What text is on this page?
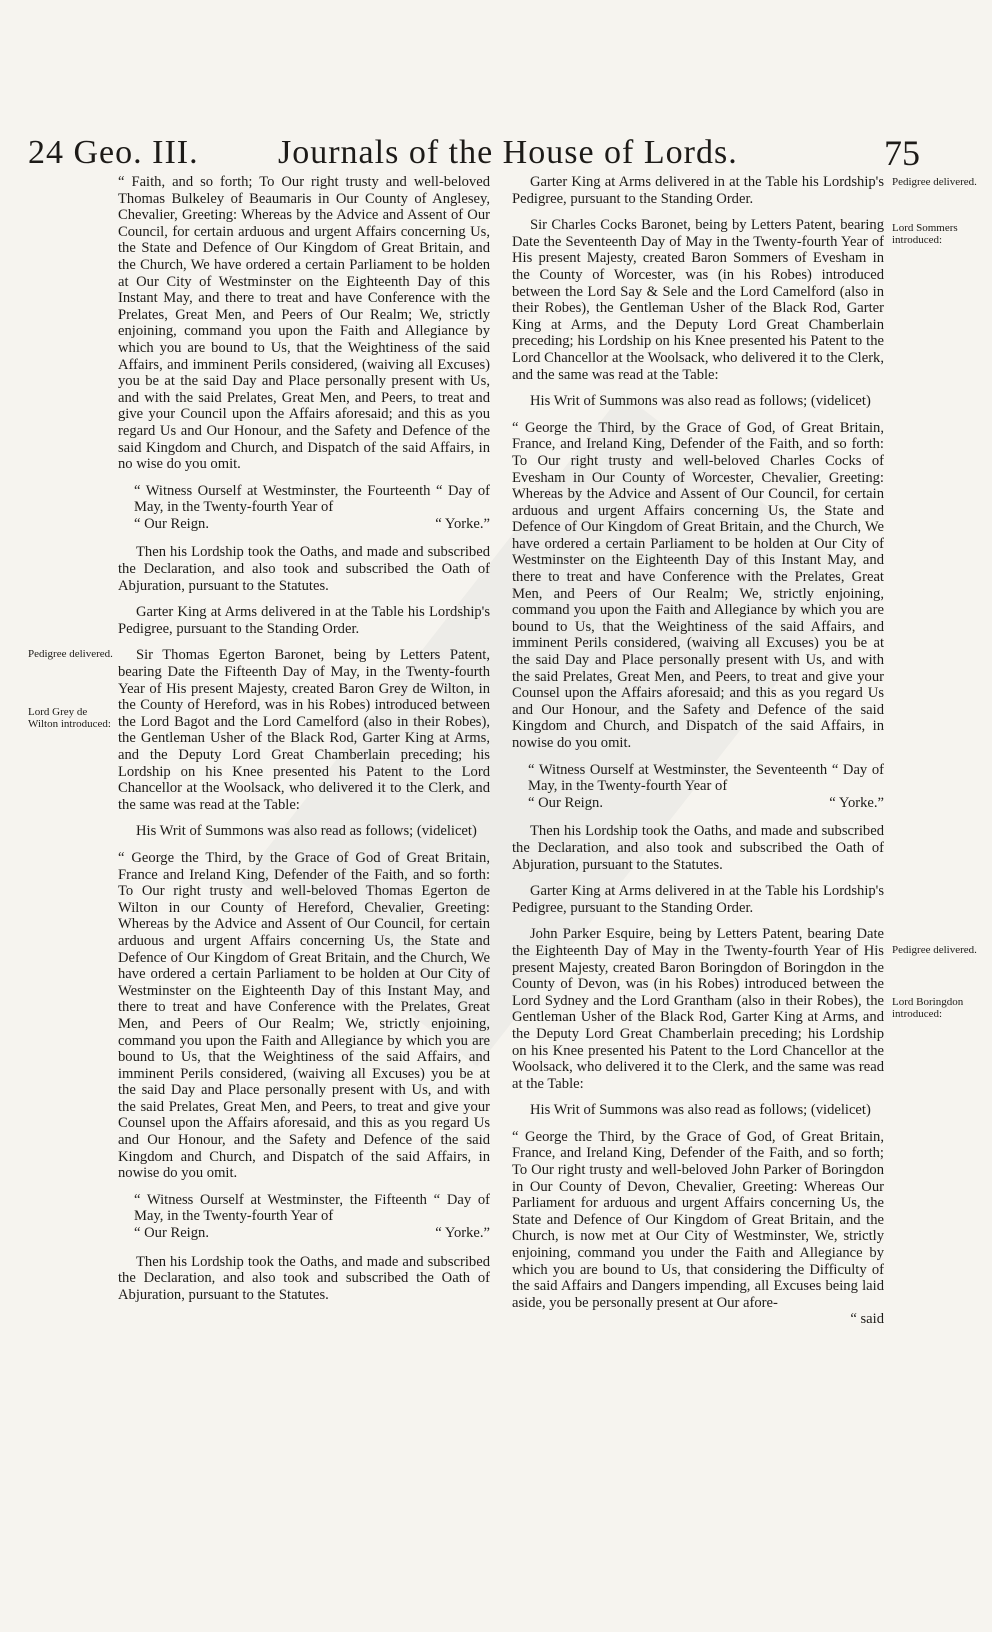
24 Geo. III. Journals of the House of Lords.	75

“ Faith, and so forth; To Our right trusty and well-beloved Thomas Bulkeley of Beaumaris in Our County of Anglesey, Chevalier, Greeting: Whereas by the Advice and Assent of Our Council, for certain arduous and urgent Affairs concerning Us, the State and Defence of Our Kingdom of Great Britain, and the Church, We have ordered a certain Parliament to be holden at Our City of Westminster on the Eighteenth Day of this Instant May, and there to treat and have Conference with the Prelates, Great Men, and Peers of Our Realm; We, strictly enjoining, command you upon the Faith and Allegiance by which you are bound to Us, that the Weightiness of the said Affairs, and imminent Perils considered, (waiving all Excuses) you be at the said Day and Place personally present with Us, and with the said Prelates, Great Men, and Peers, to treat and give your Council upon the Affairs aforesaid; and this as you regard Us and Our Honour, and the Safety and Defence of the said Kingdom and Church, and Dispatch of the said Affairs, in no wise do you omit.

“ Witness Ourself at Westminster, the Fourteenth “ Day of May, in the Twenty-fourth Year of
“ Our Reign.	“ Yorke.”

Then his Lordship took the Oaths, and made and subscribed the Declaration, and also took and subscribed the Oath of Abjuration, pursuant to the Statutes.

Garter King at Arms delivered in at the Table his Lordship's Pedigree, pursuant to the Standing Order.

Sir Thomas Egerton Baronet, being by Letters Patent, bearing Date the Fifteenth Day of May, in the Twenty-fourth Year of His present Majesty, created Baron Grey de Wilton, in the County of Hereford, was in his Robes) introduced between the Lord Bagot and the Lord Camelford (also in their Robes), the Gentleman Usher of the Black Rod, Garter King at Arms, and the Deputy Lord Great Chamberlain preceding; his Lordship on his Knee presented his Patent to the Lord Chancellor at the Woolsack, who delivered it to the Clerk, and the same was read at the Table:

His Writ of Summons was also read as follows; (videlicet)

“ George the Third, by the Grace of God of Great Britain, France and Ireland King, Defender of the Faith, and so forth: To Our right trusty and well-beloved Thomas Egerton de Wilton in our County of Hereford, Chevalier, Greeting: Whereas by the Advice and Assent of Our Council, for certain arduous and urgent Affairs concerning Us, the State and Defence of Our Kingdom of Great Britain, and the Church, We have ordered a certain Parliament to be holden at Our City of Westminster on the Eighteenth Day of this Instant May, and there to treat and have Conference with the Prelates, Great Men, and Peers of Our Realm; We, strictly enjoining, command you upon the Faith and Allegiance by which you are bound to Us, that the Weightiness of the said Affairs, and imminent Perils considered, (waiving all Excuses) you be at the said Day and Place personally present with Us, and with the said Prelates, Great Men, and Peers, to treat and give your Counsel upon the Affairs aforesaid, and this as you regard Us and Our Honour, and the Safety and Defence of the said Kingdom and Church, and Dispatch of the said Affairs, in nowise do you omit.

“ Witness Ourself at Westminster, the Fifteenth “ Day of May, in the Twenty-fourth Year of
“ Our Reign.	“ Yorke.”

Then his Lordship took the Oaths, and made and subscribed the Declaration, and also took and subscribed the Oath of Abjuration, pursuant to the Statutes.

Garter King at Arms delivered in at the Table his Lordship's Pedigree, pursuant to the Standing Order.

Sir Charles Cocks Baronet, being by Letters Patent, bearing Date the Seventeenth Day of May in the Twenty-fourth Year of His present Majesty, created Baron Sommers of Evesham in the County of Worcester, was (in his Robes) introduced between the Lord Say & Sele and the Lord Camelford (also in their Robes), the Gentleman Usher of the Black Rod, Garter King at Arms, and the Deputy Lord Great Chamberlain preceding; his Lordship on his Knee presented his Patent to the Lord Chancellor at the Woolsack, who delivered it to the Clerk, and the same was read at the Table:

His Writ of Summons was also read as follows; (videlicet)

“ George the Third, by the Grace of God, of Great Britain, France, and Ireland King, Defender of the Faith, and so forth: To Our right trusty and well-beloved Charles Cocks of Evesham in Our County of Worcester, Chevalier, Greeting: Whereas by the Advice and Assent of Our Council, for certain arduous and urgent Affairs concerning Us, the State and Defence of Our Kingdom of Great Britain, and the Church, We have ordered a certain Parliament to be holden at Our City of Westminster on the Eighteenth Day of this Instant May, and there to treat and have Conference with the Prelates, Great Men, and Peers of Our Realm; We, strictly enjoining, command you upon the Faith and Allegiance by which you are bound to Us, that the Weightiness of the said Affairs, and imminent Perils considered, (waiving all Excuses) you be at the said Day and Place personally present with Us, and with the said Prelates, Great Men, and Peers, to treat and give your Counsel upon the Affairs aforesaid; and this as you regard Us and Our Honour, and the Safety and Defence of the said Kingdom and Church, and Dispatch of the said Affairs, in nowise do you omit.

“ Witness Ourself at Westminster, the Seventeenth “ Day of May, in the Twenty-fourth Year of
“ Our Reign.	“ Yorke.”

Then his Lordship took the Oaths, and made and subscribed the Declaration, and also took and subscribed the Oath of Abjuration, pursuant to the Statutes.

Garter King at Arms delivered in at the Table his Lordship's Pedigree, pursuant to the Standing Order.

John Parker Esquire, being by Letters Patent, bearing Date the Eighteenth Day of May in the Twenty-fourth Year of His present Majesty, created Baron Boringdon of Boringdon in the County of Devon, was (in his Robes) introduced between the Lord Sydney and the Lord Grantham (also in their Robes), the Gentleman Usher of the Black Rod, Garter King at Arms, and the Deputy Lord Great Chamberlain preceding; his Lordship on his Knee presented his Patent to the Lord Chancellor at the Woolsack, who delivered it to the Clerk, and the same was read at the Table:

His Writ of Summons was also read as follows; (videlicet)

“ George the Third, by the Grace of God, of Great Britain, France, and Ireland King, Defender of the Faith, and so forth; To Our right trusty and well-beloved John Parker of Boringdon in Our County of Devon, Chevalier, Greeting: Whereas Our Parliament for arduous and urgent Affairs concerning Us, the State and Defence of Our Kingdom of Great Britain, and the Church, is now met at Our City of Westminster, We, strictly enjoining, command you under the Faith and Allegiance by which you are bound to Us, that considering the Difficulty of the said Affairs and Dangers impending, all Excuses being laid aside, you be personally present at Our afore-

“ said

Pedigree delivered.
Lord Grey de Wilton introduced:
Pedigree delivered.
Lord Sommers introduced:
Pedigree delivered.
Lord Boringdon introduced:
